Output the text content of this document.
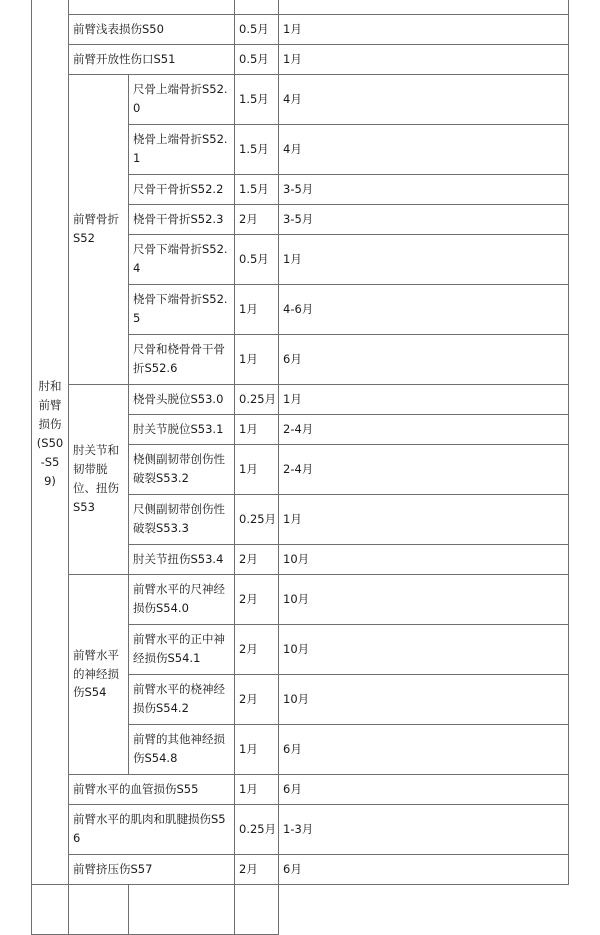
肘和前臂损伤(S50-S59)				
	前臂浅表损伤S50		0.5月	1月
	前臂开放性伤口S51		0.5月	1月
	前臂骨折S52	尺骨上端骨折S52.0	1.5月	4月
		桡骨上端骨折S52.1	1.5月	4月
		尺骨干骨折S52.2	1.5月	3-5月
		桡骨干骨折S52.3	2月	3-5月
		尺骨下端骨折S52.4	0.5月	1月
		桡骨下端骨折S52.5	1月	4-6月
		尺骨和桡骨骨干骨折S52.6	1月	6月
	肘关节和韧带脱位、扭伤S53	桡骨头脱位S53.0	0.25月	1月
		肘关节脱位S53.1	1月	2-4月
		桡侧副韧带创伤性破裂S53.2	1月	2-4月
		尺侧副韧带创伤性破裂S53.3	0.25月	1月
		肘关节扭伤S53.4	2月	10月
	前臂水平的神经损伤S54	前臂水平的尺神经损伤S54.0	2月	10月
		前臂水平的正中神经损伤S54.1	2月	10月
		前臂水平的桡神经损伤S54.2	2月	10月
		前臂的其他神经损伤S54.8	1月	6月
	前臂水平的血管损伤S55		1月	6月
	前臂水平的肌肉和肌腱损伤S56		0.25月	1-3月
	前臂挤压伤S57		2月	6月
